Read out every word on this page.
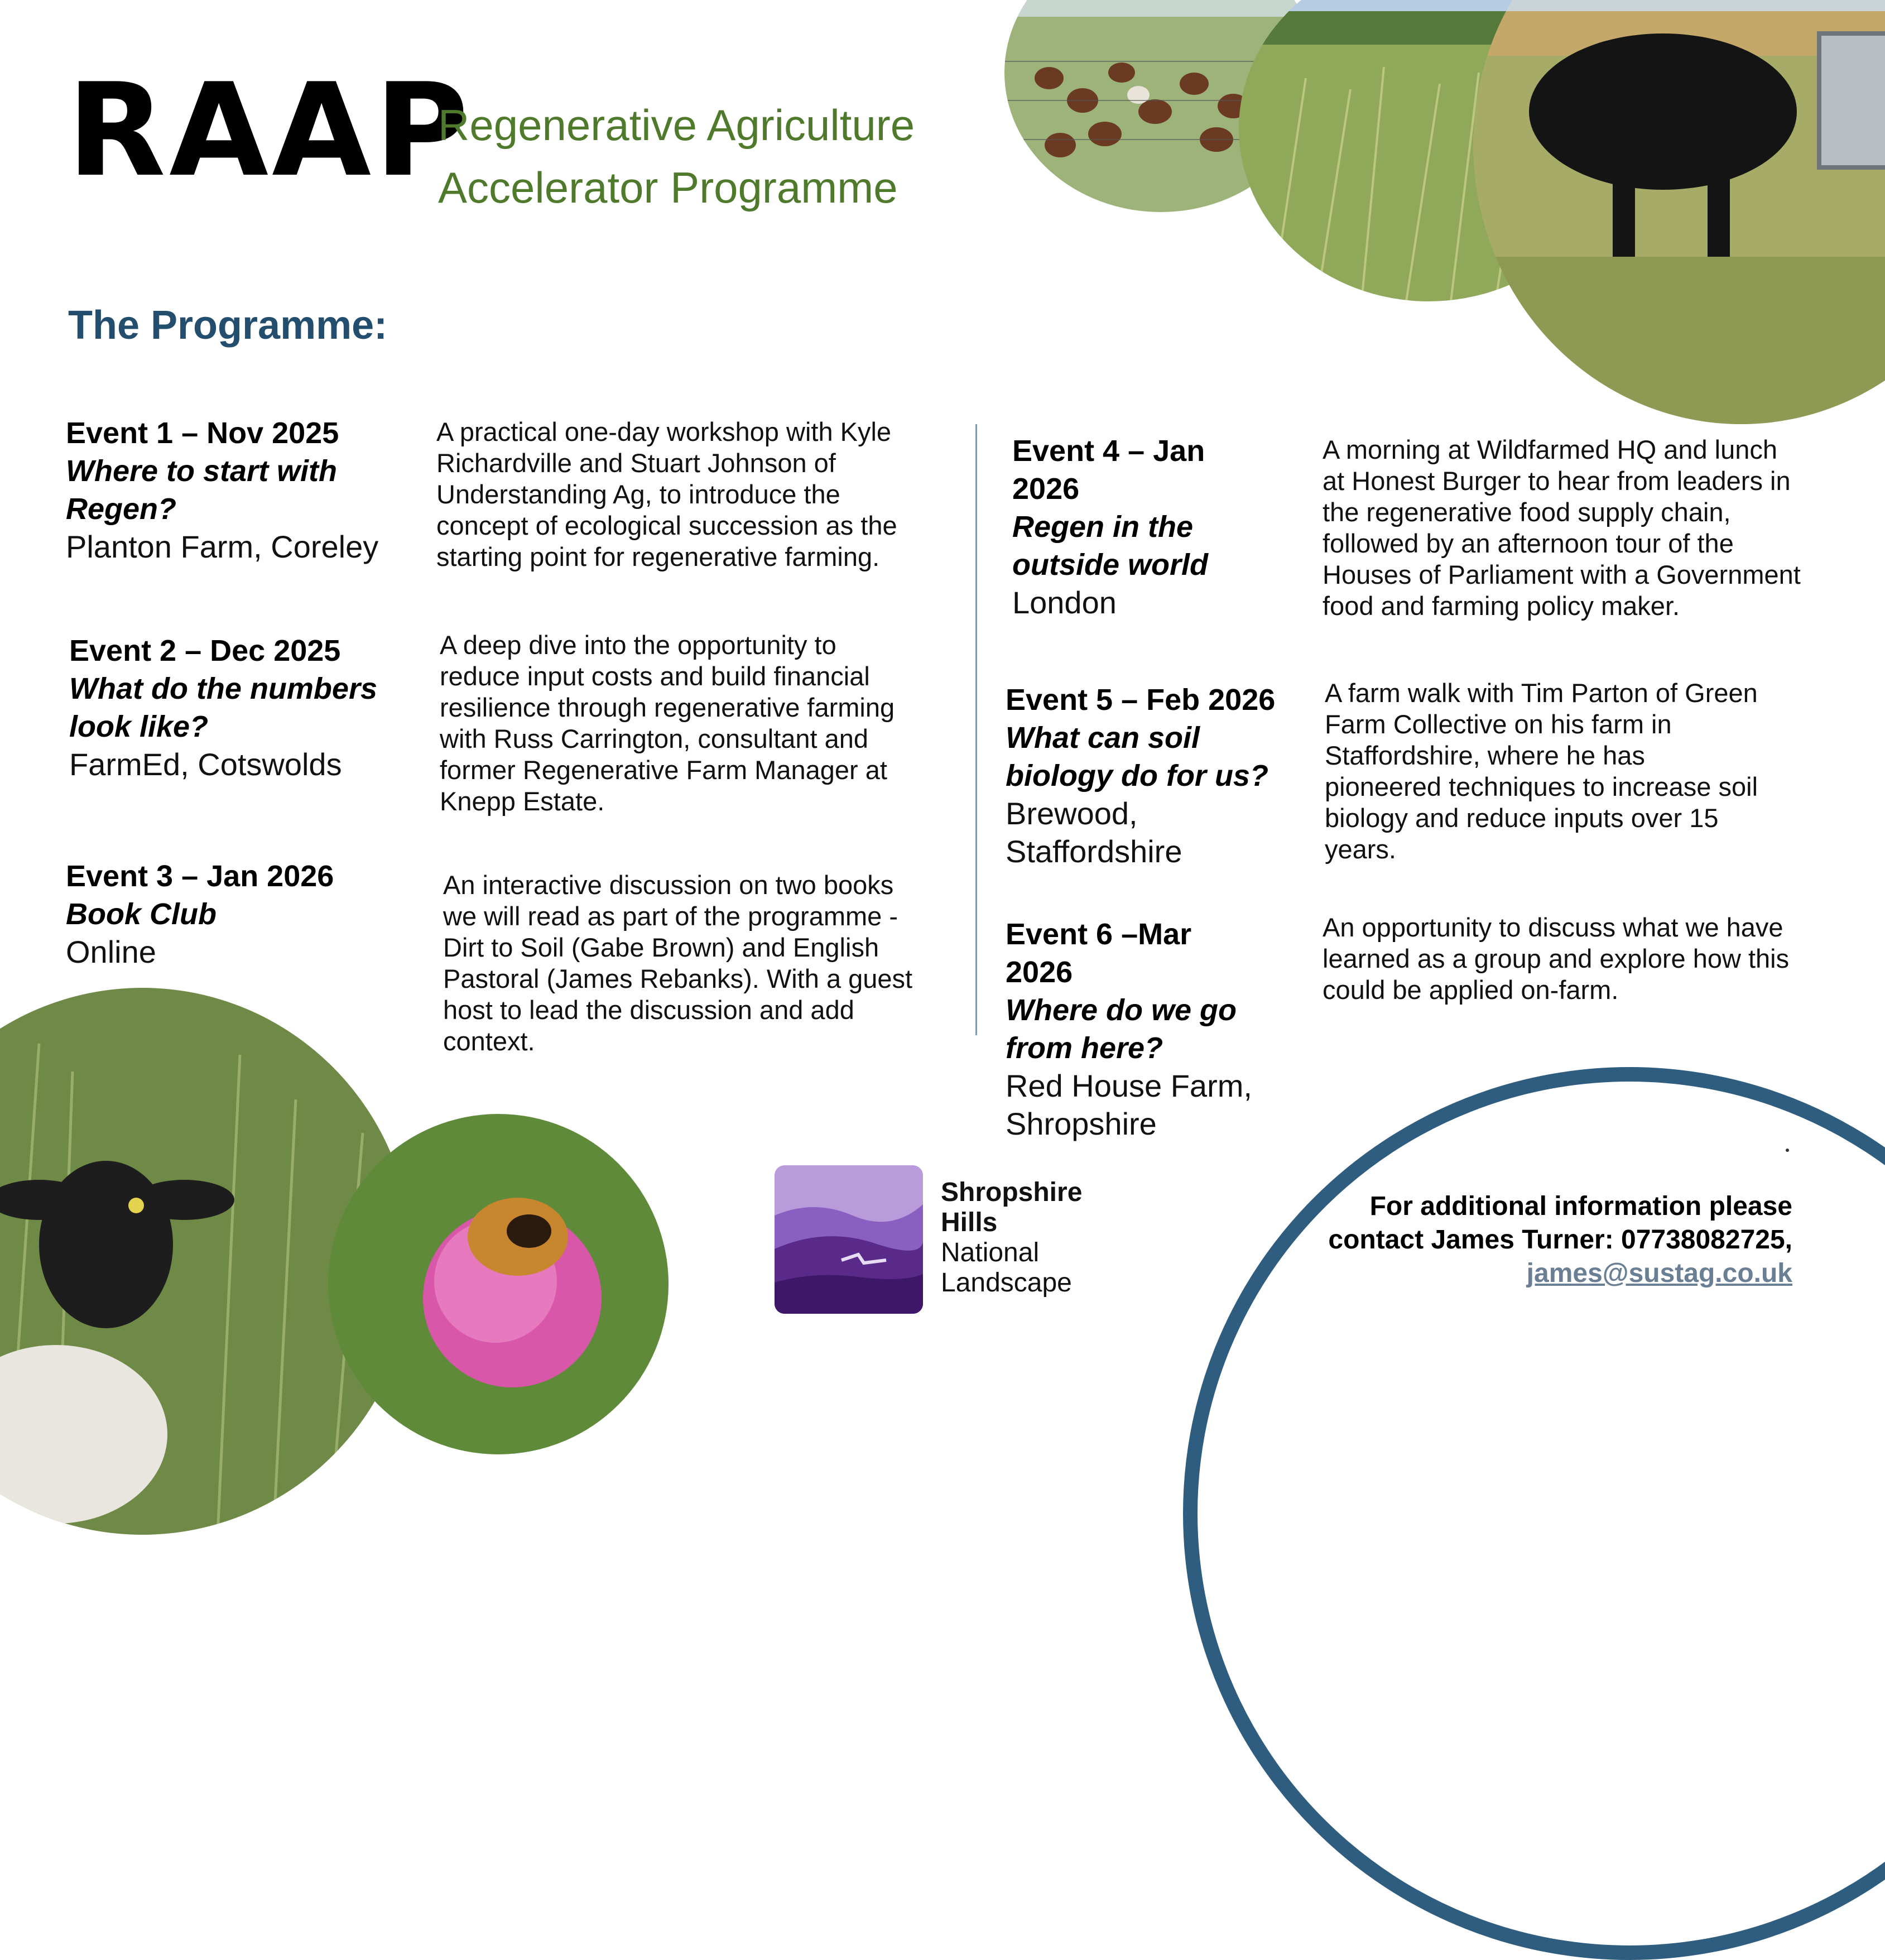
RAAP
Regenerative Agriculture
Accelerator Programme
The Programme:
Event 1 – Nov 2025
Where to start with
Regen?
Planton Farm, Coreley
A practical one-day workshop with Kyle
Richardville and Stuart Johnson of
Understanding Ag, to introduce the
concept of ecological succession as the
starting point for regenerative farming.
Event 2 – Dec 2025
What do the numbers
look like?
FarmEd, Cotswolds
A deep dive into the opportunity to
reduce input costs and build financial
resilience through regenerative farming
with Russ Carrington, consultant and
former Regenerative Farm Manager at
Knepp Estate.
Event 3 – Jan 2026
Book Club
Online
An interactive discussion on two books
we will read as part of the programme -
Dirt to Soil (Gabe Brown) and English
Pastoral (James Rebanks). With a guest
host to lead the discussion and add
context.
Event 4 – Jan
2026
Regen in the
outside world
London
A morning at Wildfarmed HQ and lunch
at Honest Burger to hear from leaders in
the regenerative food supply chain,
followed by an afternoon tour of the
Houses of Parliament with a Government
food and farming policy maker.
Event 5 – Feb 2026
What can soil
biology do for us?
Brewood,
Staffordshire
A farm walk with Tim Parton of Green
Farm Collective on his farm in
Staffordshire, where he has
pioneered techniques to increase soil
biology and reduce inputs over 15
years.
Event 6 –Mar
2026
Where do we go
from here?
Red House Farm,
Shropshire
An opportunity to discuss what we have
learned as a group and explore how this
could be applied on-farm.
Shropshire
Hills
National
Landscape
For additional information please
contact James Turner: 07738082725,
james@sustag.co.uk
